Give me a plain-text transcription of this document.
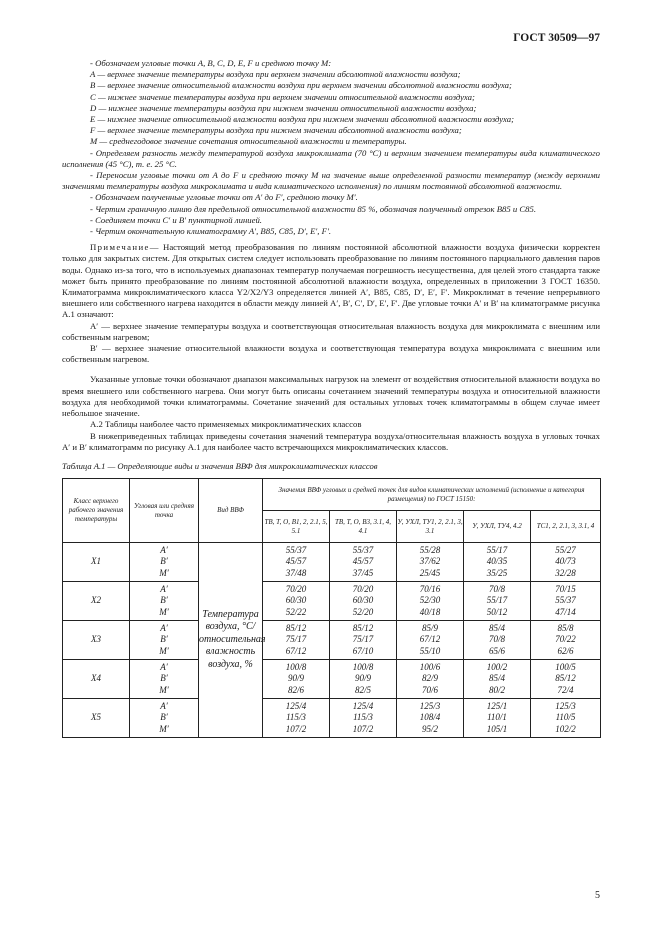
ГОСТ 30509—97

- Обозначаем угловые точки A, B, C, D, E, F и среднюю точку M:

A — верхнее значение температуры воздуха при верхнем значении абсолютной влажности воздуха;

B — верхнее значение относительной влажности воздуха при верхнем значении абсолютной влажности воздуха;

C — нижнее значение температуры воздуха при верхнем значении относительной влажности воздуха;

D — нижнее значение температуры воздуха при нижнем значении относительной влажности воздуха;

E — нижнее значение относительной влажности воздуха при нижнем значении абсолютной влажности воздуха;

F — верхнее значение температуры воздуха при нижнем значении абсолютной влажности воздуха;

M — среднегодовое значение сочетания относительной влажности и температуры.

- Определяем разность между температурой воздуха микроклимата (70 °С) и верхним значением температуры вида климатического исполнения (45 °С), т. е. 25 °С.

- Переносим угловые точки от A до F и среднюю точку M на значение выше определенной разности температур (между верхними значениями температуры воздуха микроклимата и вида климатического исполнения) по линиям постоянной абсолютной влажности.

- Обозначаем полученные угловые точки от A′ до F′, среднюю точку M′.

- Чертим граничную линию для предельной относительной влажности 85 %, обозначая полученный отрезок B85 и C85.

- Соединяем точки C′ и B′ пунктирной линией.

- Чертим окончательную климатограмму A′, B85, C85, D′, E′, F′.

Примечание— Настоящий метод преобразования по линиям постоянной абсолютной влажности воздуха физически корректен только для закрытых систем. Для открытых систем следует использовать преобразование по линиям постоянного парциального давления паров воды. Однако из-за того, что в используемых диапазонах температур получаемая погрешность несущественна, для целей этого стандарта также может быть принято преобразование по линиям постоянной абсолютной влажности воздуха, определенных в приложении 3 ГОСТ 16350. Климатограмма микроклиматического класса Y2/X2/Y3 определяется линией A′, B85, C85, D′, E′, F′. Микроклимат в течение непрерывного внешнего или собственного нагрева находится в области между линией A′, B′, C′, D′, E′, F′. Две угловые точки A′ и B′ на климатограмме рисунка A.1 означают:

A′ — верхнее значение температуры воздуха и соответствующая относительная влажность воздуха для микроклимата с внешним или собственным нагревом;

B′ — верхнее значение относительной влажности воздуха и соответствующая температура воздуха микроклимата с внешним или собственным нагревом.

Указанные угловые точки обозначают диапазон максимальных нагрузок на элемент от воздействия относительной влажности воздуха во время внешнего или собственного нагрева. Они могут быть описаны сочетанием значений температуры воздуха и относительной влажности воздуха для необходимой точки климатограммы. Сочетание значений для остальных угловых точек климатограммы в общем случае имеет небольшое значение.

A.2 Таблицы наиболее часто применяемых микроклиматических классов

В нижеприведенных таблицах приведены сочетания значений температура воздуха/относительная влажность воздуха в угловых точках A′ и B′ климатограмм по рисунку A.1 для наиболее часто встречающихся микроклиматических классов.

Таблица A.1 — Определяющие виды и значения ВВФ для микроклиматических классов
Класс верхнего рабочего значения температуры	Угловая или средняя точка	Вид ВВФ	Значения ВВФ угловых и средней точек для видов климатических исполнений (исполнение и категория размещения) по ГОСТ 15150:				
			ТВ, Т, О, В1, 2, 2.1, 5, 5.1	ТВ, Т, О, В3, 3.1, 4, 4.1	У, УХЛ, ТУ1, 2, 2.1, 3, 3.1	У, УХЛ, ТУ4, 4.2	ТС1, 2, 2.1, 3, 3.1, 4
X1	A′
B′
M′	Температура воздуха, °С/относительная влажность воздуха, %	55/37
45/57
37/48	55/37
45/57
37/45	55/28
37/62
25/45	55/17
40/35
35/25	55/27
40/73
32/28

X2	A′
B′
M′		70/20
60/30
52/22	70/20
60/30
52/20	70/16
52/30
40/18	70/8
55/17
50/12	70/15
55/37
47/14

X3	A′
B′
M′		85/12
75/17
67/12	85/12
75/17
67/10	85/9
67/12
55/10	85/4
70/8
65/6	85/8
70/22
62/6

X4	A′
B′
M′		100/8
90/9
82/6	100/8
90/9
82/5	100/6
82/9
70/6	100/2
85/4
80/2	100/5
85/12
72/4

X5	A′
B′
M′		125/4
115/3
107/2	125/4
115/3
107/2	125/3
108/4
95/2	125/1
110/1
105/1	125/3
110/5
102/2
5
